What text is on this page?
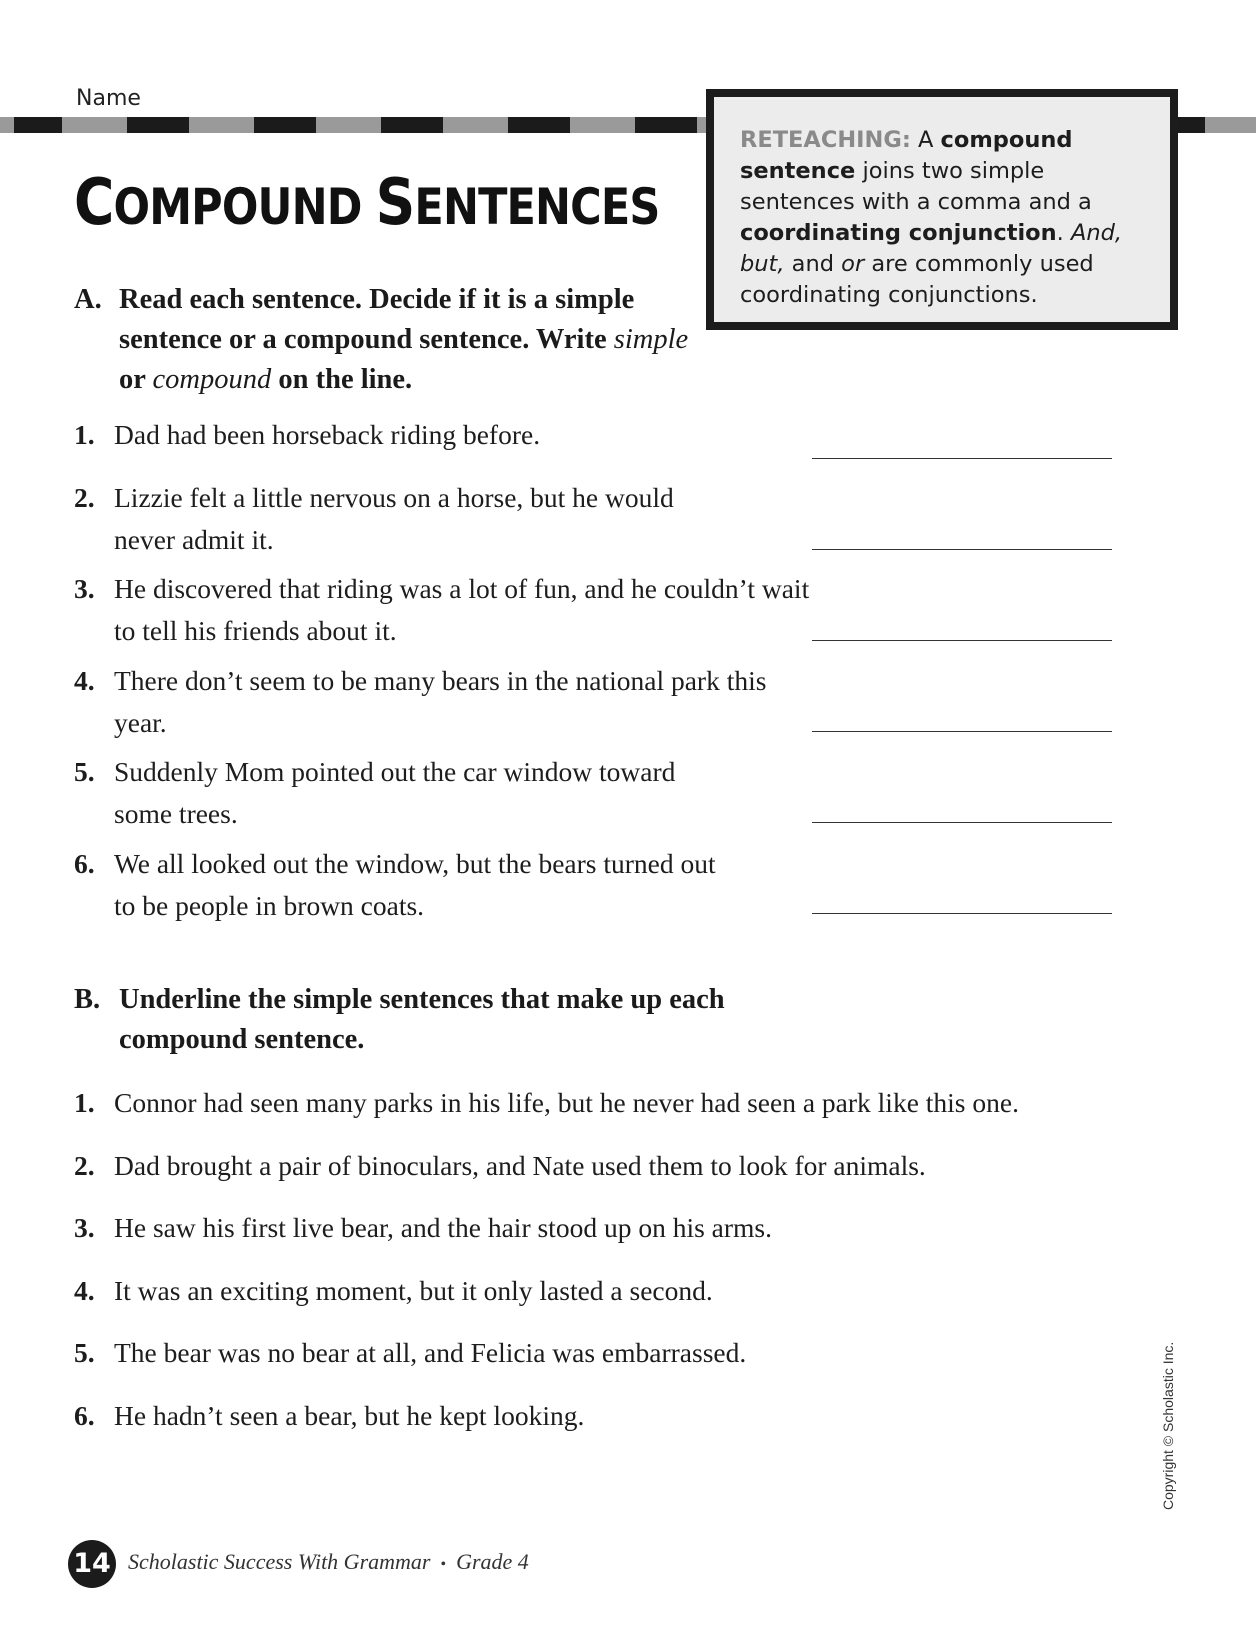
Name
COMPOUND SENTENCES
RETEACHING: A compound sentence joins two simple sentences with a comma and a coordinating conjunction. And, but, and or are commonly used coordinating conjunctions.
A. Read each sentence. Decide if it is a simple sentence or a compound sentence. Write simple or compound on the line.
1. Dad had been horseback riding before.
2. Lizzie felt a little nervous on a horse, but he would never admit it.
3. He discovered that riding was a lot of fun, and he couldn’t wait to tell his friends about it.
4. There don’t seem to be many bears in the national park this year.
5. Suddenly Mom pointed out the car window toward some trees.
6. We all looked out the window, but the bears turned out to be people in brown coats.
B. Underline the simple sentences that make up each compound sentence.
1. Connor had seen many parks in his life, but he never had seen a park like this one.
2. Dad brought a pair of binoculars, and Nate used them to look for animals.
3. He saw his first live bear, and the hair stood up on his arms.
4. It was an exciting moment, but it only lasted a second.
5. The bear was no bear at all, and Felicia was embarrassed.
6. He hadn’t seen a bear, but he kept looking.	Copyright © Scholastic Inc.
14 Scholastic Success With Grammar • Grade 4
